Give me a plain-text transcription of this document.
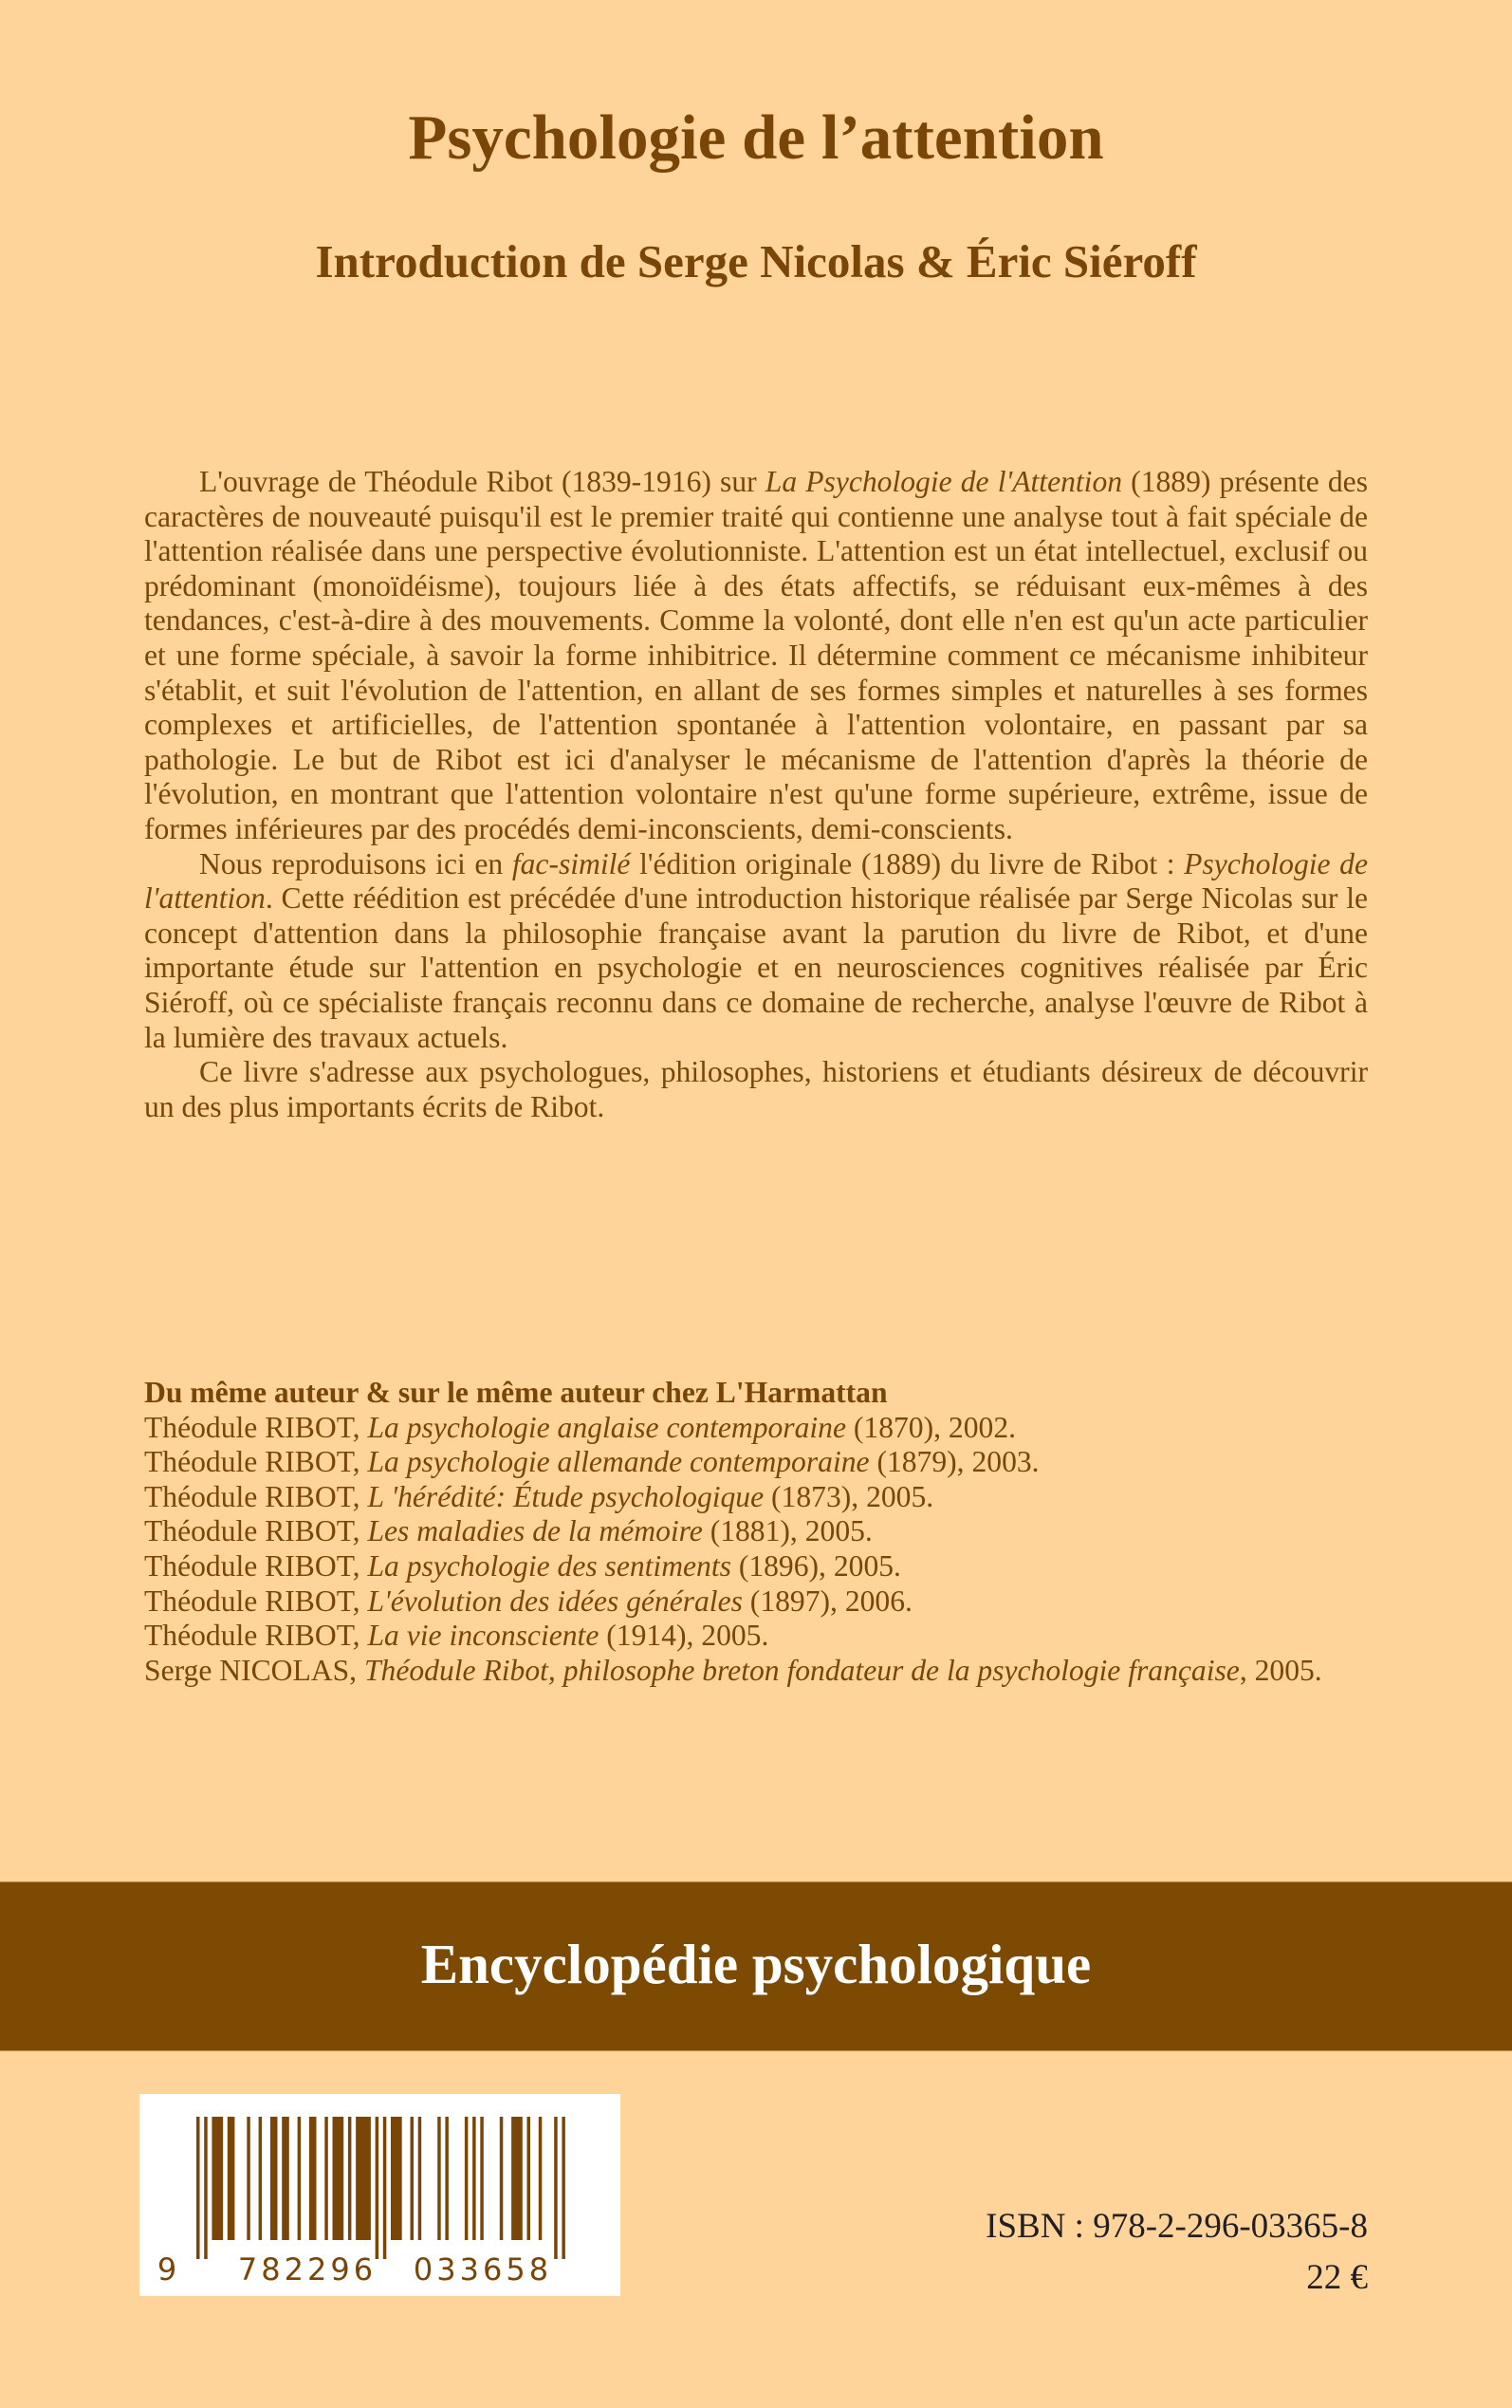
Psychologie de l’attention
Introduction de Serge Nicolas & Éric Siéroff

L'ouvrage de Théodule Ribot (1839-1916) sur La Psychologie de l'Attention (1889) présente des caractères de nouveauté puisqu'il est le premier traité qui contienne une analyse tout à fait spéciale de l'attention réalisée dans une perspective évolutionniste. L'attention est un état intellectuel, exclusif ou prédominant (monoïdéisme), toujours liée à des états affectifs, se réduisant eux-mêmes à des tendances, c'est-à-dire à des mouvements. Comme la volonté, dont elle n'en est qu'un acte particulier et une forme spéciale, à savoir la forme inhibitrice. Il détermine comment ce mécanisme inhibiteur s'établit, et suit l'évolution de l'attention, en allant de ses formes simples et naturelles à ses formes complexes et artificielles, de l'attention spontanée à l'attention volontaire, en passant par sa pathologie. Le but de Ribot est ici d'analyser le mécanisme de l'attention d'après la théorie de l'évolution, en montrant que l'attention volontaire n'est qu'une forme supérieure, extrême, issue de formes inférieures par des procédés demi-inconscients, demi-conscients.

Nous reproduisons ici en fac-similé l'édition originale (1889) du livre de Ribot : Psychologie de l'attention. Cette réédition est précédée d'une introduction historique réalisée par Serge Nicolas sur le concept d'attention dans la philosophie française avant la parution du livre de Ribot, et d'une importante étude sur l'attention en psychologie et en neurosciences cognitives réalisée par Éric Siéroff, où ce spécialiste français reconnu dans ce domaine de recherche, analyse l'œuvre de Ribot à la lumière des travaux actuels.

Ce livre s'adresse aux psychologues, philosophes, historiens et étudiants désireux de découvrir un des plus importants écrits de Ribot.

Du même auteur & sur le même auteur chez L'Harmattan

Théodule RIBOT, La psychologie anglaise contemporaine (1870), 2002.
Théodule RIBOT, La psychologie allemande contemporaine (1879), 2003.
Théodule RIBOT, L 'hérédité: Étude psychologique (1873), 2005.
Théodule RIBOT, Les maladies de la mémoire (1881), 2005.
Théodule RIBOT, La psychologie des sentiments (1896), 2005.
Théodule RIBOT, L'évolution des idées générales (1897), 2006.
Théodule RIBOT, La vie inconsciente (1914), 2005.
Serge NICOLAS, Théodule Ribot, philosophe breton fondateur de la psychologie française, 2005.

Encyclopédie psychologique

9 782296 033658
ISBN : 978-2-296-03365-8
22 €
